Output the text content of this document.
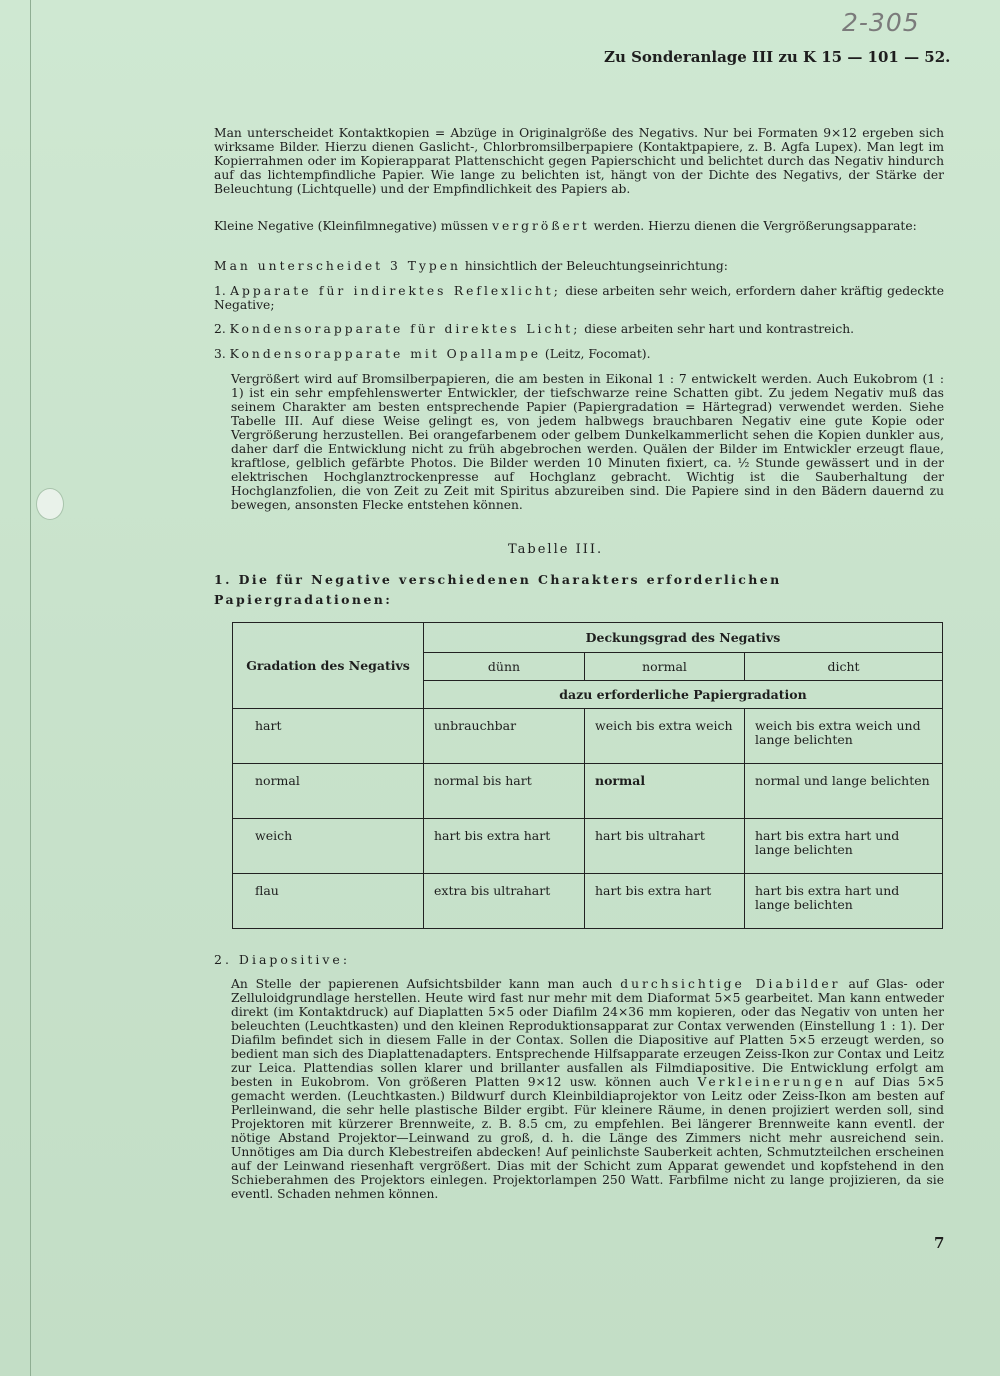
2-305
Zu Sonderanlage III zu K 15 — 101 — 52.

Man unterscheidet Kontaktkopien = Abzüge in Originalgröße des Negativs. Nur bei Formaten 9×12 ergeben sich wirksame Bilder. Hierzu dienen Gaslicht-, Chlorbromsilberpapiere (Kontaktpapiere, z. B. Agfa Lupex). Man legt im Kopierrahmen oder im Kopierapparat Plattenschicht gegen Papierschicht und belichtet durch das Negativ hindurch auf das lichtempfindliche Papier. Wie lange zu belichten ist, hängt von der Dichte des Negativs, der Stärke der Beleuchtung (Lichtquelle) und der Empfindlichkeit des Papiers ab.

Kleine Negative (Kleinfilmnegative) müssen vergrößert werden. Hierzu dienen die Vergrößerungsapparate:

Man unterscheidet 3 Typen hinsichtlich der Beleuchtungseinrichtung:

1. Apparate für indirektes Reflexlicht; diese arbeiten sehr weich, erfordern daher kräftig gedeckte Negative;
2. Kondensorapparate für direktes Licht; diese arbeiten sehr hart und kontrastreich.
3. Kondensorapparate mit Opallampe (Leitz, Focomat).

Vergrößert wird auf Bromsilberpapieren, die am besten in Eikonal 1 : 7 entwickelt werden. Auch Eukobrom (1 : 1) ist ein sehr empfehlenswerter Entwickler, der tiefschwarze reine Schatten gibt. Zu jedem Negativ muß das seinem Charakter am besten entsprechende Papier (Papiergradation = Härtegrad) verwendet werden. Siehe Tabelle III. Auf diese Weise gelingt es, von jedem halbwegs brauchbaren Negativ eine gute Kopie oder Vergrößerung herzustellen. Bei orangefarbenem oder gelbem Dunkelkammerlicht sehen die Kopien dunkler aus, daher darf die Entwicklung nicht zu früh abgebrochen werden. Quälen der Bilder im Entwickler erzeugt flaue, kraftlose, gelblich gefärbte Photos. Die Bilder werden 10 Minuten fixiert, ca. ½ Stunde gewässert und in der elektrischen Hochglanztrockenpresse auf Hochglanz gebracht. Wichtig ist die Sauberhaltung der Hochglanzfolien, die von Zeit zu Zeit mit Spiritus abzureiben sind. Die Papiere sind in den Bädern dauernd zu bewegen, ansonsten Flecke entstehen können.

Tabelle III.
1. Die für Negative verschiedenen Charakters erforderlichen Papiergradationen:
Gradation des Negativs	Deckungsgrad des Negativs		
	dünn	normal	dicht
	dazu erforderliche Papiergradation		
hart	unbrauchbar	weich bis extra weich	weich bis extra weich und lange belichten
normal	normal bis hart	normal	normal und lange belichten
weich	hart bis extra hart	hart bis ultrahart	hart bis extra hart und lange belichten
flau	extra bis ultrahart	hart bis extra hart	hart bis extra hart und lange belichten
2. Diapositive:

An Stelle der papierenen Aufsichtsbilder kann man auch durchsichtige Diabilder auf Glas- oder Zelluloidgrundlage herstellen. Heute wird fast nur mehr mit dem Diaformat 5×5 gearbeitet. Man kann entweder direkt (im Kontaktdruck) auf Diaplatten 5×5 oder Diafilm 24×36 mm kopieren, oder das Negativ von unten her beleuchten (Leuchtkasten) und den kleinen Reproduktionsapparat zur Contax verwenden (Einstellung 1 : 1). Der Diafilm befindet sich in diesem Falle in der Contax. Sollen die Diapositive auf Platten 5×5 erzeugt werden, so bedient man sich des Diaplattenadapters. Entsprechende Hilfsapparate erzeugen Zeiss-Ikon zur Contax und Leitz zur Leica. Plattendias sollen klarer und brillanter ausfallen als Filmdiapositive. Die Entwicklung erfolgt am besten in Eukobrom. Von größeren Platten 9×12 usw. können auch Verkleinerungen auf Dias 5×5 gemacht werden. (Leuchtkasten.) Bildwurf durch Kleinbildiaprojektor von Leitz oder Zeiss-Ikon am besten auf Perlleinwand, die sehr helle plastische Bilder ergibt. Für kleinere Räume, in denen projiziert werden soll, sind Projektoren mit kürzerer Brennweite, z. B. 8.5 cm, zu empfehlen. Bei längerer Brennweite kann eventl. der nötige Abstand Projektor—Leinwand zu groß, d. h. die Länge des Zimmers nicht mehr ausreichend sein. Unnötiges am Dia durch Klebestreifen abdecken! Auf peinlichste Sauberkeit achten, Schmutzteilchen erscheinen auf der Leinwand riesenhaft vergrößert. Dias mit der Schicht zum Apparat gewendet und kopfstehend in den Schieberahmen des Projektors einlegen. Projektorlampen 250 Watt. Farbfilme nicht zu lange projizieren, da sie eventl. Schaden nehmen können.

7
